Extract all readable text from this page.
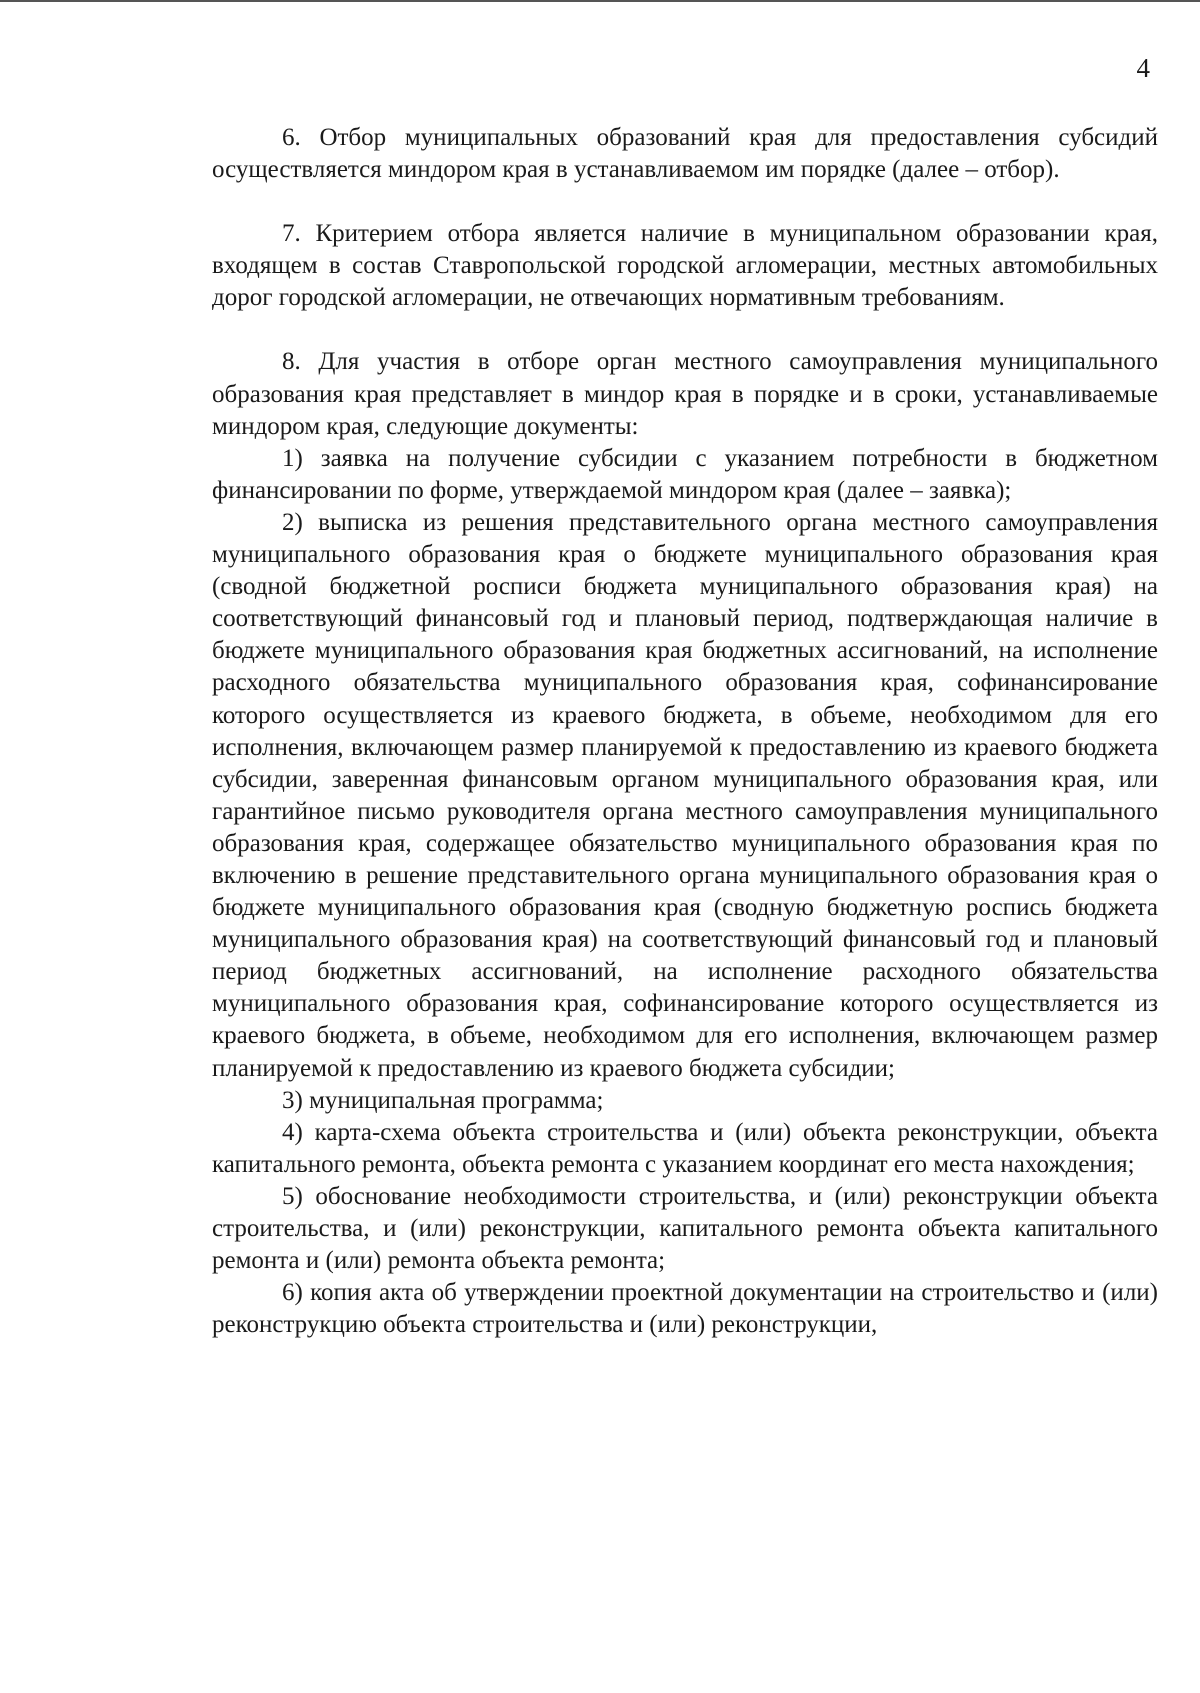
4

6. Отбор муниципальных образований края для предоставления субсидий осуществляется миндором края в устанавливаемом им порядке (далее – отбор).

7. Критерием отбора является наличие в муниципальном образовании края, входящем в состав Ставропольской городской агломерации, местных автомобильных дорог городской агломерации, не отвечающих нормативным требованиям.

8. Для участия в отборе орган местного самоуправления муниципального образования края представляет в миндор края в порядке и в сроки, устанавливаемые миндором края, следующие документы:

1) заявка на получение субсидии с указанием потребности в бюджетном финансировании по форме, утверждаемой миндором края (далее – заявка);

2) выписка из решения представительного органа местного самоуправления муниципального образования края о бюджете муниципального образования края (сводной бюджетной росписи бюджета муниципального образования края) на соответствующий финансовый год и плановый период, подтверждающая наличие в бюджете муниципального образования края бюджетных ассигнований, на исполнение расходного обязательства муниципального образования края, софинансирование которого осуществляется из краевого бюджета, в объеме, необходимом для его исполнения, включающем размер планируемой к предоставлению из краевого бюджета субсидии, заверенная финансовым органом муниципального образования края, или гарантийное письмо руководителя органа местного самоуправления муниципального образования края, содержащее обязательство муниципального образования края по включению в решение представительного органа муниципального образования края о бюджете муниципального образования края (сводную бюджетную роспись бюджета муниципального образования края) на соответствующий финансовый год и плановый период бюджетных ассигнований, на исполнение расходного обязательства муниципального образования края, софинансирование которого осуществляется из краевого бюджета, в объеме, необходимом для его исполнения, включающем размер планируемой к предоставлению из краевого бюджета субсидии;

3) муниципальная программа;

4) карта-схема объекта строительства и (или) объекта реконструкции, объекта капитального ремонта, объекта ремонта с указанием координат его места нахождения;

5) обоснование необходимости строительства, и (или) реконструкции объекта строительства, и (или) реконструкции, капитального ремонта объекта капитального ремонта и (или) ремонта объекта ремонта;

6) копия акта об утверждении проектной документации на строительство и (или) реконструкцию объекта строительства и (или) реконструкции,
